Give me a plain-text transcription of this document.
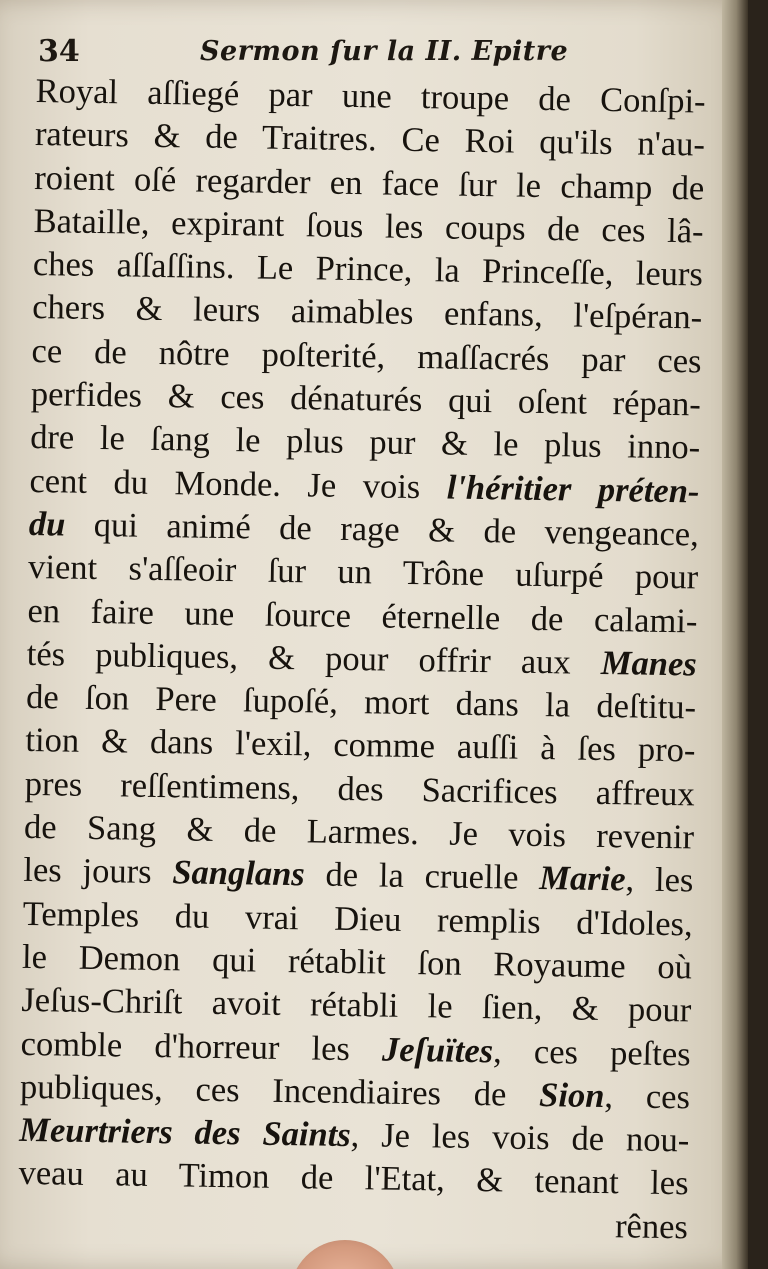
34	Sermon ſur la II. Epitre
Royal aſſiegé par une troupe de Conſpi-
rateurs & de Traitres. Ce Roi qu'ils n'au-
roient oſé regarder en face ſur le champ de
Bataille, expirant ſous les coups de ces lâ-
ches aſſaſſins. Le Prince, la Princeſſe, leurs
chers & leurs aimables enfans, l'eſpéran-
ce de nôtre poſterité, maſſacrés par ces
perfides & ces dénaturés qui oſent répan-
dre le ſang le plus pur & le plus inno-
cent du Monde. Je vois l'héritier préten-
du qui animé de rage & de vengeance,
vient s'aſſeoir ſur un Trône uſurpé pour
en faire une ſource éternelle de calami-
tés publiques, & pour offrir aux Manes
de ſon Pere ſupoſé, mort dans la deſtitu-
tion & dans l'exil, comme auſſi à ſes pro-
pres reſſentimens, des Sacrifices affreux
de Sang & de Larmes. Je vois revenir
les jours Sanglans de la cruelle Marie, les
Temples du vrai Dieu remplis d'Idoles,
le Demon qui rétablit ſon Royaume où
Jeſus-Chriſt avoit rétabli le ſien, & pour
comble d'horreur les Jeſuïtes, ces peſtes
publiques, ces Incendiaires de Sion, ces
Meurtriers des Saints, Je les vois de nou-
veau au Timon de l'Etat, & tenant les
rênes
